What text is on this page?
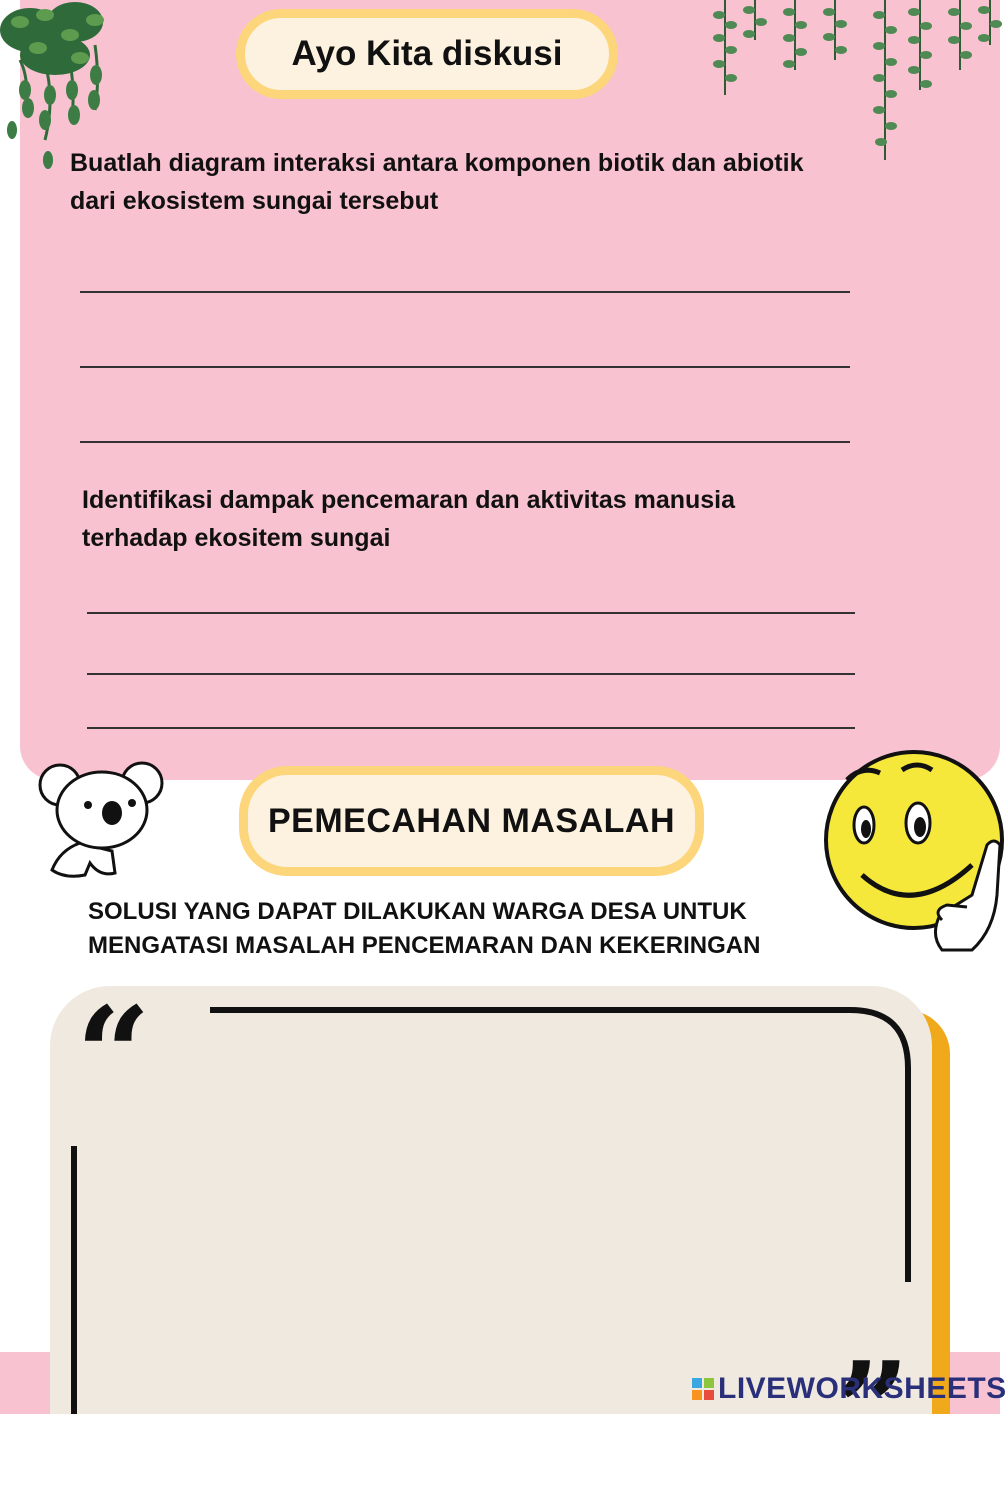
Ayo Kita diskusi
Buatlah diagram interaksi antara komponen biotik dan abiotik dari ekosistem sungai tersebut
Identifikasi dampak pencemaran dan aktivitas manusia terhadap ekositem sungai
PEMECAHAN MASALAH
SOLUSI YANG DAPAT DILAKUKAN WARGA DESA UNTUK MENGATASI MASALAH PENCEMARAN DAN KEKERINGAN
“
”
LIVEWORKSHEETS
